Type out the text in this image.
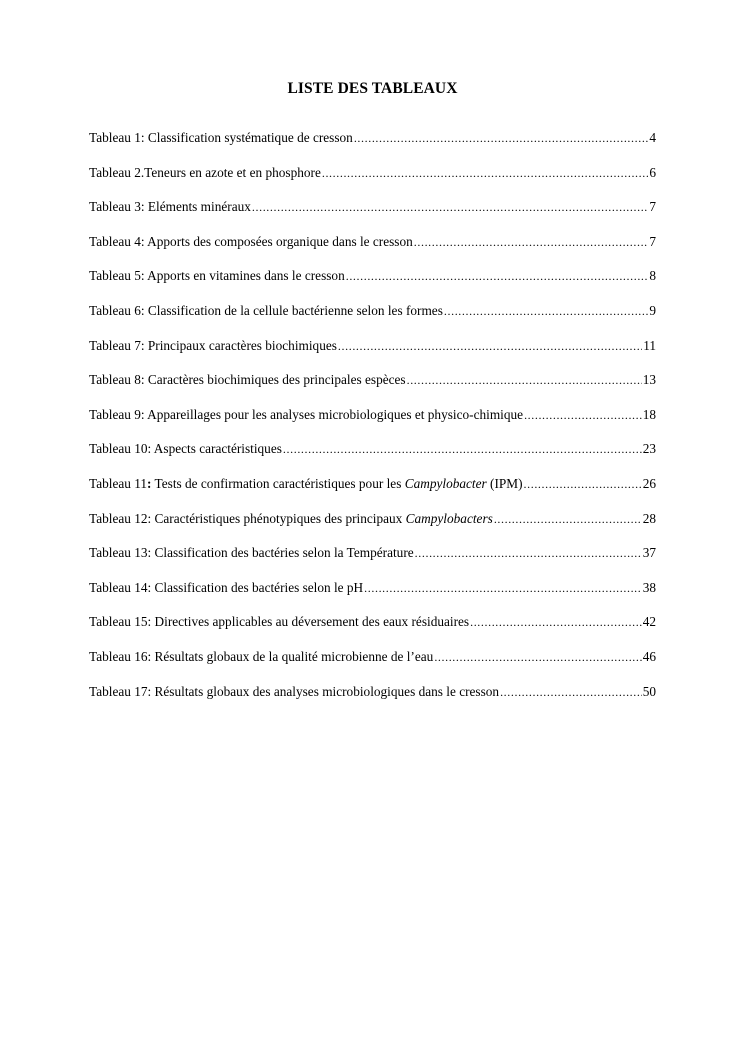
LISTE DES TABLEAUX
Tableau 1: Classification systématique de cresson .....	4
Tableau 2.Teneurs en azote et en phosphore .....	6
Tableau 3: Eléments minéraux .....	7
Tableau 4: Apports des composées organique dans le cresson .....	7
Tableau 5: Apports en vitamines dans le cresson .....	8
Tableau 6: Classification de la cellule bactérienne selon les formes .....	9
Tableau 7: Principaux caractères biochimiques .....	11
Tableau 8: Caractères biochimiques des principales espèces .....	13
Tableau 9: Appareillages pour les analyses microbiologiques et physico-chimique .....	18
Tableau 10: Aspects caractéristiques .....	23
Tableau 11: Tests de confirmation caractéristiques pour les Campylobacter (IPM) .....	26
Tableau 12: Caractéristiques phénotypiques des principaux Campylobacters .....	28
Tableau 13: Classification des bactéries selon la Température .....	37
Tableau 14: Classification des bactéries selon le pH .....	38
Tableau 15: Directives applicables au déversement des eaux résiduaires .....	42
Tableau 16: Résultats globaux de la qualité microbienne de l’eau .....	46
Tableau 17: Résultats globaux des analyses microbiologiques dans le cresson .....	50
